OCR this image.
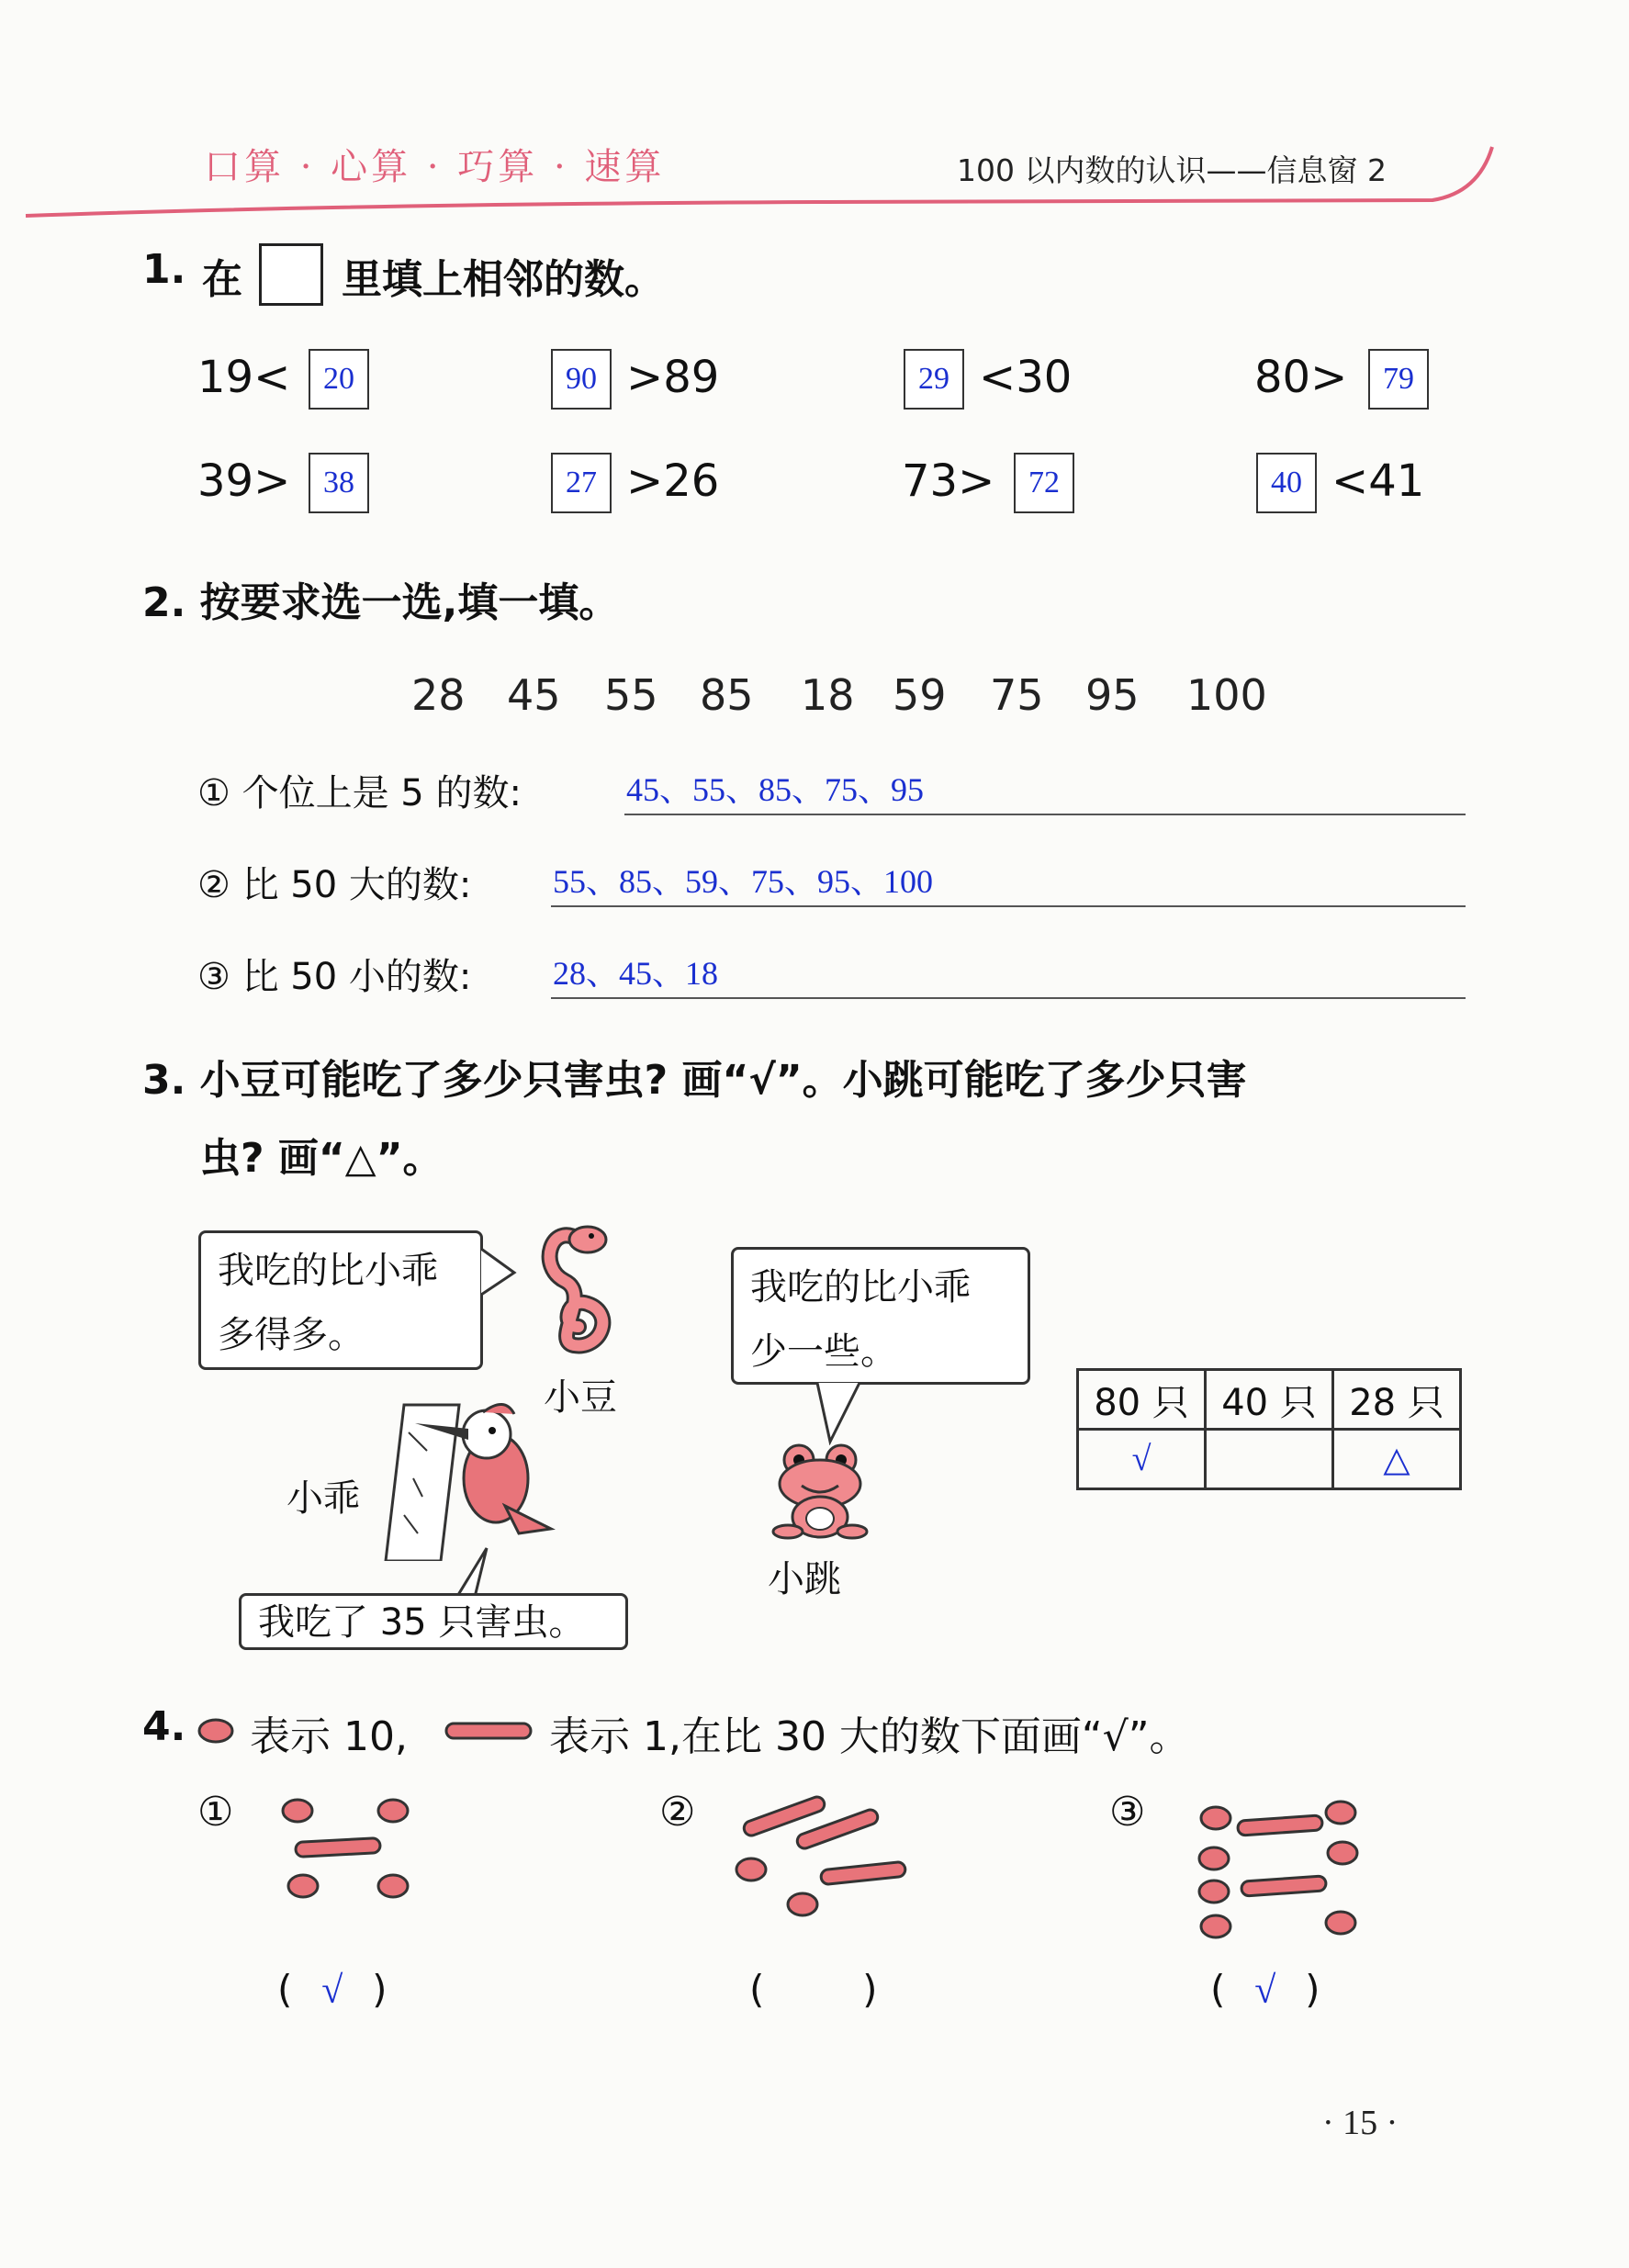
口算 · 心算 · 巧算 · 速算	100 以内数的认识——信息窗 2
1. 在 里填上相邻的数。
19<	20	90 >89	29 <30	80>	79
39>	38	27 >26	73>	72	40 <41
2. 按要求选一选,填一填。
28 45 55 85 18 59 75 95 100
① 个位上是 5 的数:	45、55、85、75、95
② 比 50 大的数: 55、85、59、75、95、100
③ 比 50 小的数: 28、45、18
3. 小豆可能吃了多少只害虫? 画“√”。小跳可能吃了多少只害
虫? 画“△”。
我吃的比小乖
多得多。
小豆
小乖
我吃了 35 只害虫。
我吃的比小乖
少一些。
小跳
80 只	40 只	28 只
√		△
4. 表示 10,	表示 1,在比 30 大的数下面画“√”。
①
( √ )
②
(  )
③
( √ )
· 15 ·
